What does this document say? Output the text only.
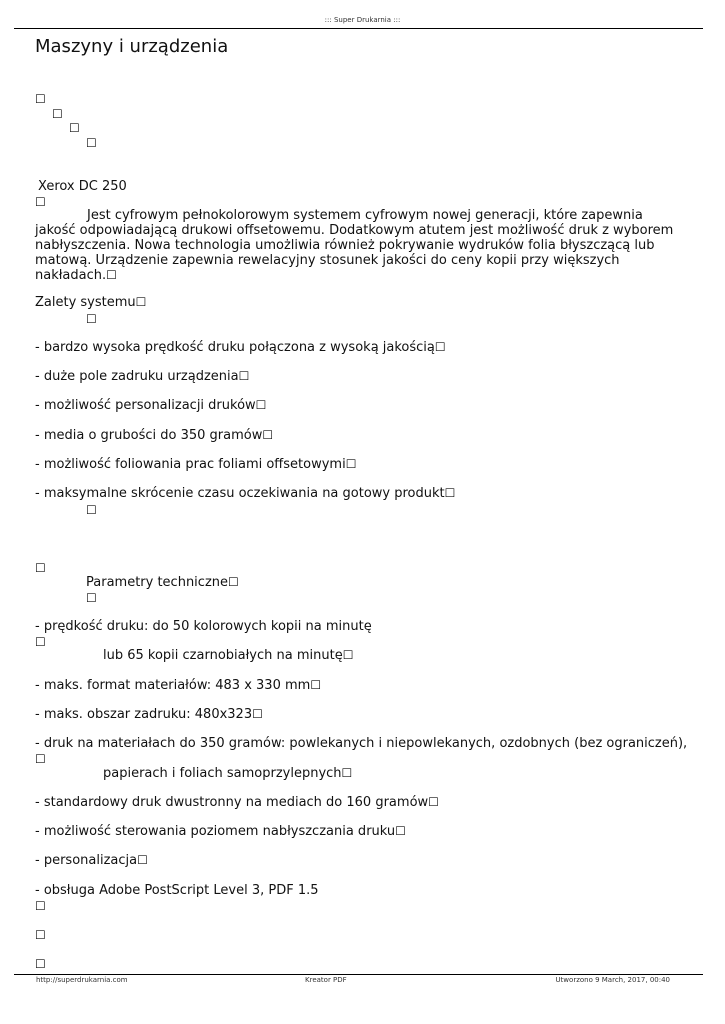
::: Super Drukarnia :::
Maszyny i urządzenia
☐
☐
☐
☐
Xerox DC 250
☐
Jest cyfrowym pełnokolorowym systemem cyfrowym nowej generacji, które zapewnia jakość odpowiadającą drukowi offsetowemu. Dodatkowym atutem jest możliwość druk z wyborem nabłyszczenia. Nowa technologia umożliwia również pokrywanie wydruków folia błyszczącą lub matową. Urządzenie zapewnia rewelacyjny stosunek jakości do ceny kopii przy większych nakładach.☐
Zalety systemu☐
☐
- bardzo wysoka prędkość druku połączona z wysoką jakością☐
- duże pole zadruku urządzenia☐
- możliwość personalizacji druków☐
- media o grubości do 350 gramów☐
- możliwość foliowania prac foliami offsetowymi☐
- maksymalne skrócenie czasu oczekiwania na gotowy produkt☐
☐
☐
Parametry techniczne☐
☐
- prędkość druku: do 50 kolorowych kopii na minutę
☐
lub 65 kopii czarnobiałych na minutę☐
- maks. format materiałów: 483 x 330 mm☐
- maks. obszar zadruku: 480x323☐
- druk na materiałach do 350 gramów: powlekanych i niepowlekanych, ozdobnych (bez ograniczeń),
☐
papierach i foliach samoprzylepnych☐
- standardowy druk dwustronny na mediach do 160 gramów☐
- możliwość sterowania poziomem nabłyszczania druku☐
- personalizacja☐
- obsługa Adobe PostScript Level 3, PDF 1.5
☐
☐
☐
http://superdrukarnia.com	Kreator PDF	Utworzono 9 March, 2017, 00:40
